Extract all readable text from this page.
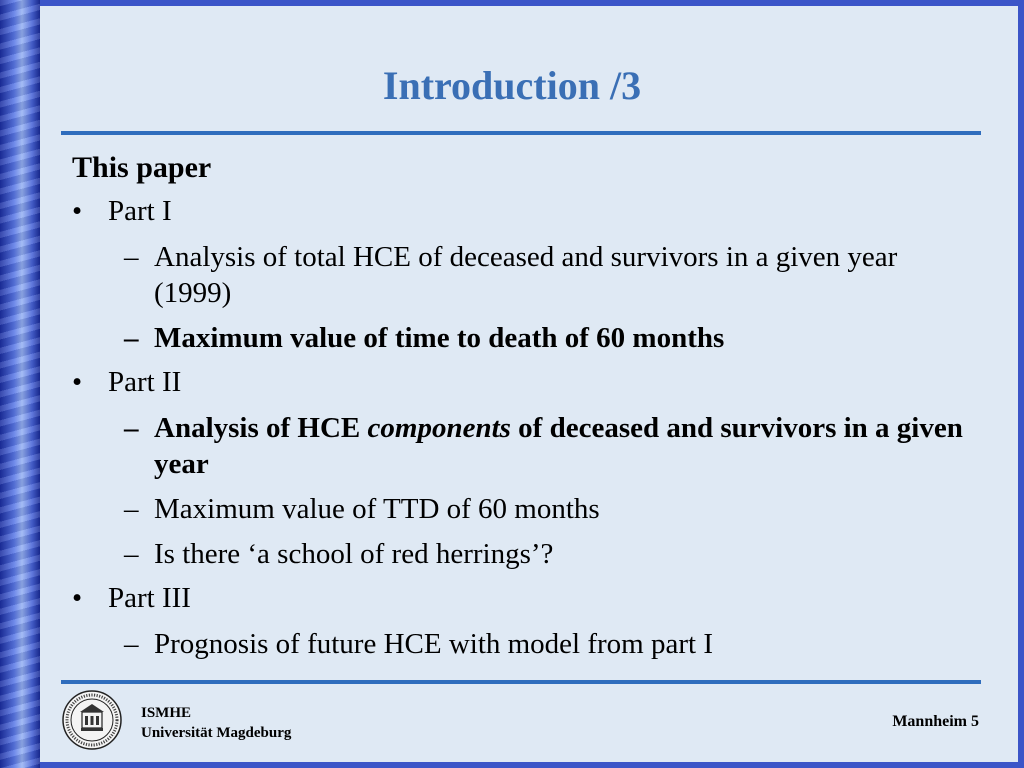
Introduction /3
This paper
• Part I
– Analysis of total HCE of deceased and survivors in a given year (1999)
– Maximum value of time to death of 60 months
• Part II
– Analysis of HCE components of deceased and survivors in a given year
– Maximum value of TTD of 60 months
– Is there ‘a school of red herrings’?
• Part III
– Prognosis of future HCE with model from part I
ISMHE
Universität Magdeburg
Mannheim 5
